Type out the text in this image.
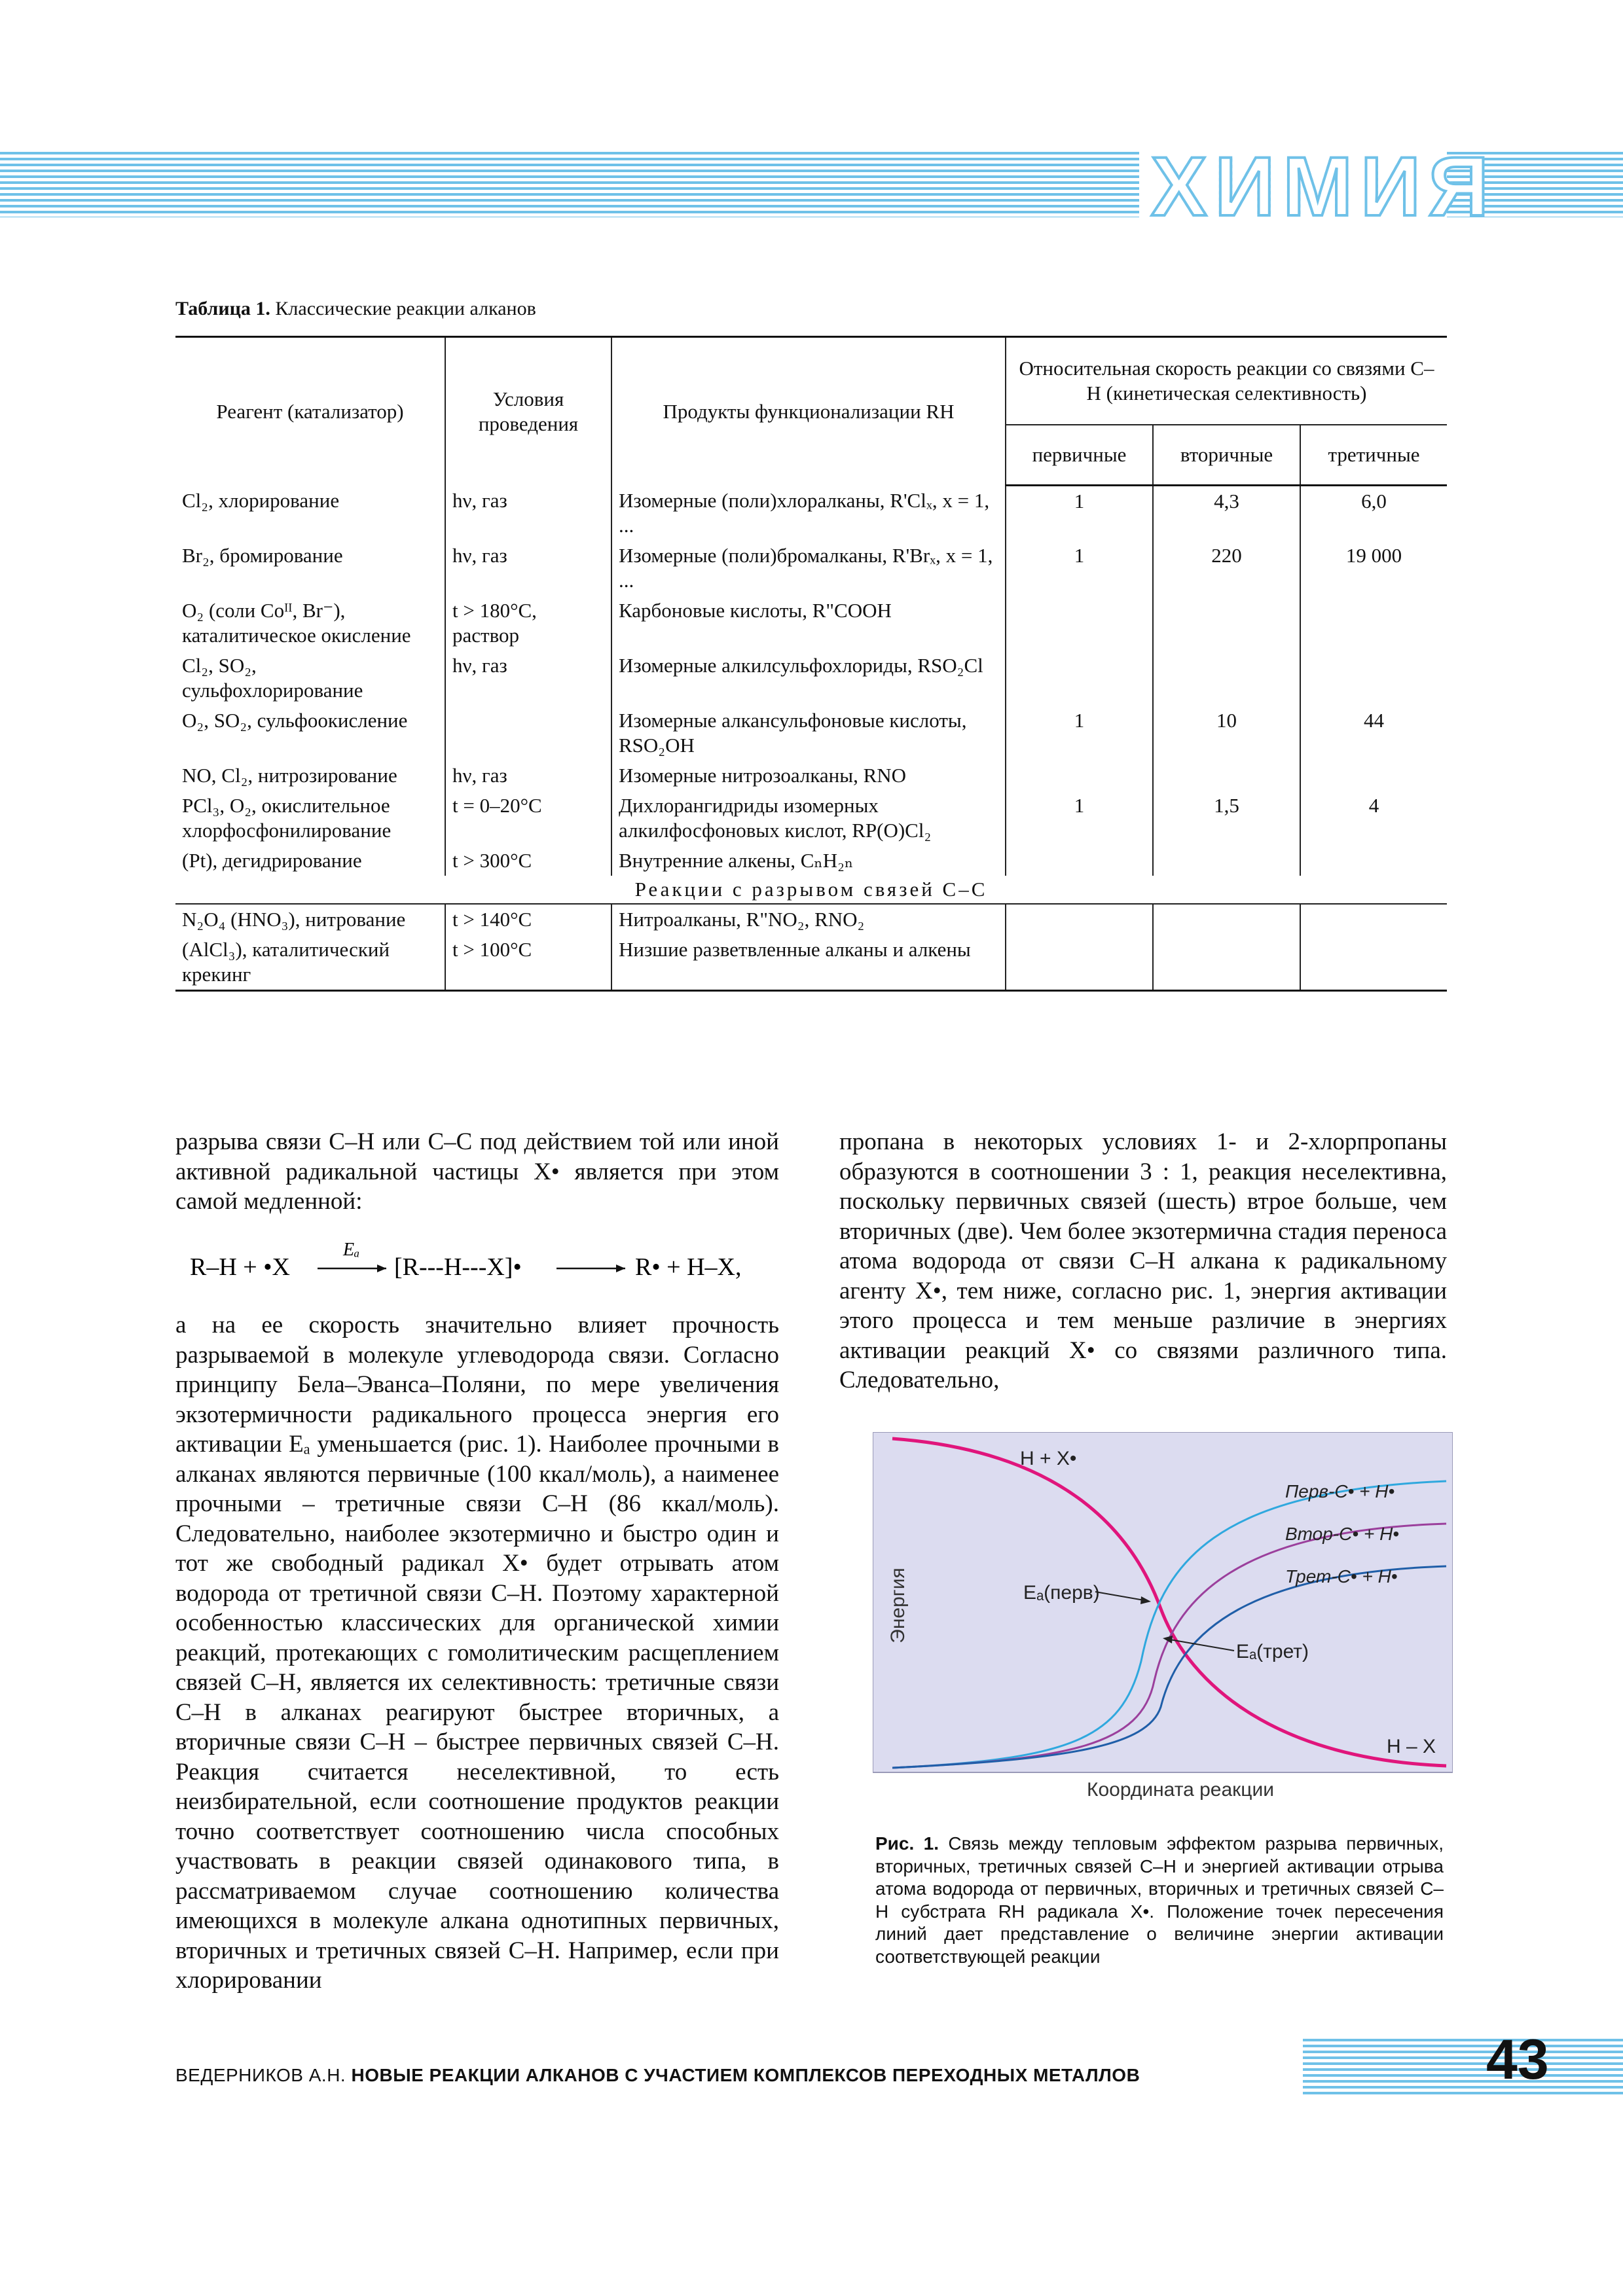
ХИМИЯ
Таблица 1. Классические реакции алканов
Реагент (катализатор)	Условия проведения	Продукты функционализации RH	Относительная скорость реакции со связями C–H (кинетическая селективность)		
			первичные	вторичные	третичные
Cl₂, хлорирование	hν, газ	Изомерные (поли)хлоралканы, R'Clₓ, x = 1, ...	1	4,3	6,0
Br₂, бромирование	hν, газ	Изомерные (поли)бромалканы, R'Brₓ, x = 1, ...	1	220	19 000
O₂ (соли Coᴵᴵ, Br⁻), каталитическое окисление	t > 180°C, раствор	Карбоновые кислоты, R"COOH			
Cl₂, SO₂, сульфохлорирование	hν, газ	Изомерные алкилсульфохлориды, RSO₂Cl			
O₂, SO₂, сульфоокисление		Изомерные алкансульфоновые кислоты, RSO₂OH	1	10	44
NO, Cl₂, нитрозирование	hν, газ	Изомерные нитрозоалканы, RNO			
PCl₃, O₂, окислительное хлорфосфонилирование	t = 0–20°C	Дихлорангидриды изомерных алкилфосфоновых кислот, RP(O)Cl₂	1	1,5	4
(Pt), дегидрирование	t > 300°C	Внутренние алкены, CₙH₂ₙ			
Реакции с разрывом связей C–C					
N₂O₄ (HNO₃), нитрование	t > 140°C	Нитроалканы, R"NO₂, RNO₂			
(AlCl₃), каталитический крекинг	t > 100°C	Низшие разветвленные алканы и алкены			

разрыва связи C–H или C–C под действием той или иной активной радикальной частицы X• является при этом самой медленной:

R–H + •X
Eₐ
[R---H---X]•	R• + H–X,

а на ее скорость значительно влияет прочность разрываемой в молекуле углеводорода связи. Согласно принципу Бела–Эванса–Поляни, по мере увеличения экзотермичности радикального процесса энергия его активации Eₐ уменьшается (рис. 1). Наиболее прочными в алканах являются первичные (100 ккал/моль), а наименее прочными – третичные связи C–H (86 ккал/моль). Следовательно, наиболее экзотермично и быстро один и тот же свободный радикал X• будет отрывать атом водорода от третичной связи C–H. Поэтому характерной особенностью классических для органической химии реакций, протекающих с гомолитическим расщеплением связей C–H, является их селективность: третичные связи C–H в алканах реагируют быстрее вторичных, а вторичные связи C–H – быстрее первичных связей C–H. Реакция считается неселективной, то есть неизбирательной, если соотношение продуктов реакции точно соответствует соотношению числа способных участвовать в реакции связей одинакового типа, в рассматриваемом случае соотношению количества имеющихся в молекуле алкана однотипных первичных, вторичных и третичных связей C–H. Например, если при хлорировании

пропана в некоторых условиях 1- и 2-хлорпропаны образуются в соотношении 3 : 1, реакция неселективна, поскольку первичных связей (шесть) втрое больше, чем вторичных (две). Чем более экзотермична стадия переноса атома водорода от связи C–H алкана к радикальному агенту X•, тем ниже, согласно рис. 1, энергия активации этого процесса и тем меньше различие в энергиях активации реакций X• со связями различного типа. Следовательно,

Энергия
Координата реакции
H + X•
Перв-C• + H•
Втор-C• + H•
Трет-C• + H•
Eₐ(перв)
Eₐ(трет)
H – X
Рис. 1. Связь между тепловым эффектом разрыва первичных, вторичных, третичных связей C–H и энергией активации отрыва атома водорода от первичных, вторичных и третичных связей C–H субстрата RH радикала X•. Положение точек пересечения линий дает представление о величине энергии активации соответствующей реакции
ВЕДЕРНИКОВ А.Н. НОВЫЕ РЕАКЦИИ АЛКАНОВ С УЧАСТИЕМ КОМПЛЕКСОВ ПЕРЕХОДНЫХ МЕТАЛЛОВ	43
